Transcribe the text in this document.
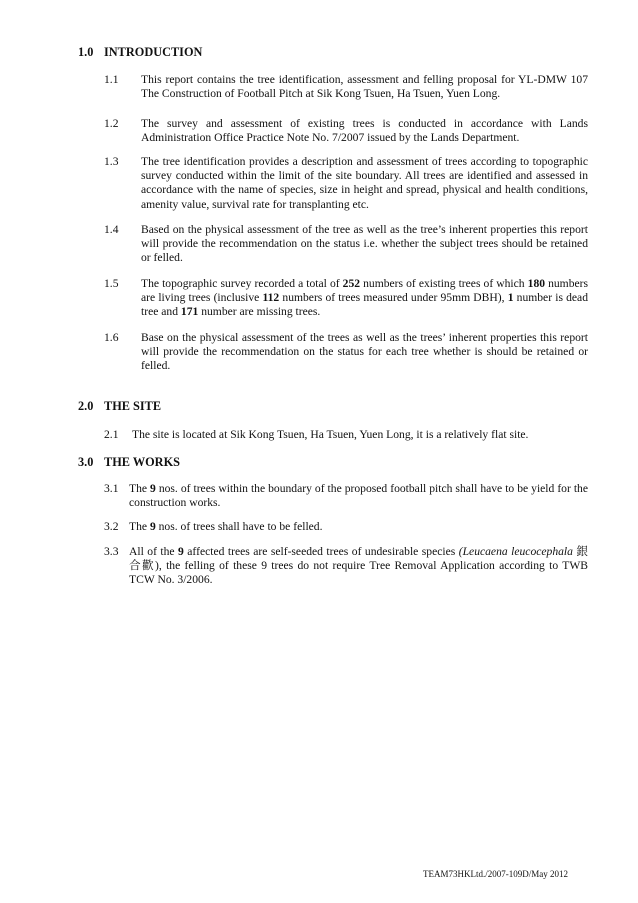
1.0 INTRODUCTION
1.1 This report contains the tree identification, assessment and felling proposal for YL-DMW 107 The Construction of Football Pitch at Sik Kong Tsuen, Ha Tsuen, Yuen Long.
1.2 The survey and assessment of existing trees is conducted in accordance with Lands Administration Office Practice Note No. 7/2007 issued by the Lands Department.
1.3 The tree identification provides a description and assessment of trees according to topographic survey conducted within the limit of the site boundary. All trees are identified and assessed in accordance with the name of species, size in height and spread, physical and health conditions, amenity value, survival rate for transplanting etc.
1.4 Based on the physical assessment of the tree as well as the tree’s inherent properties this report will provide the recommendation on the status i.e. whether the subject trees should be retained or felled.
1.5 The topographic survey recorded a total of 252 numbers of existing trees of which 180 numbers are living trees (inclusive 112 numbers of trees measured under 95mm DBH), 1 number is dead tree and 171 number are missing trees.
1.6 Base on the physical assessment of the trees as well as the trees’ inherent properties this report will provide the recommendation on the status for each tree whether is should be retained or felled.
2.0 THE SITE
2.1 The site is located at Sik Kong Tsuen, Ha Tsuen, Yuen Long, it is a relatively flat site.
3.0 THE WORKS
3.1 The 9 nos. of trees within the boundary of the proposed football pitch shall have to be yield for the construction works.
3.2 The 9 nos. of trees shall have to be felled.
3.3 All of the 9 affected trees are self-seeded trees of undesirable species (Leucaena leucocephala 銀合歡), the felling of these 9 trees do not require Tree Removal Application according to TWB TCW No. 3/2006.
TEAM73HKLtd./2007-109D/May 2012
